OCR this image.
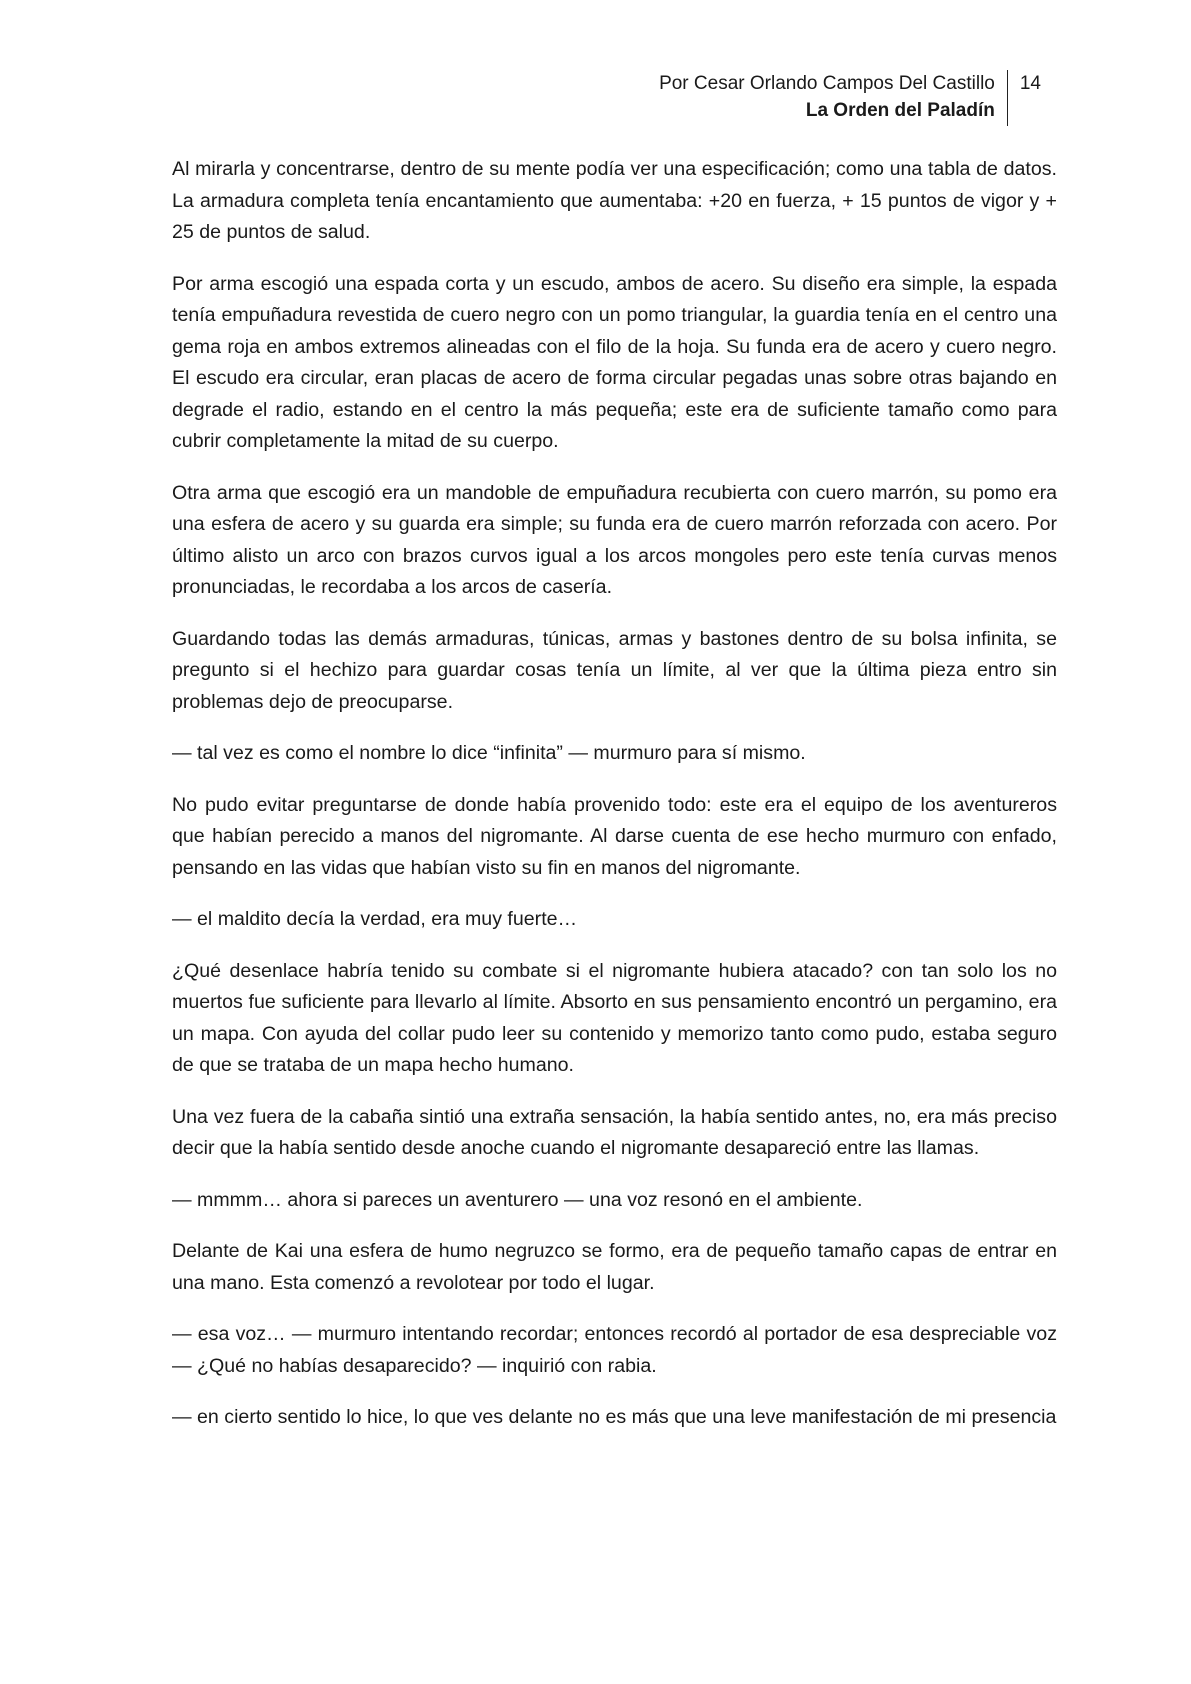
Por Cesar Orlando Campos Del Castillo
La Orden del Paladín
14

Al mirarla y concentrarse, dentro de su mente podía ver una especificación; como una tabla de datos. La armadura completa tenía encantamiento que aumentaba: +20 en fuerza, + 15 puntos de vigor y + 25 de puntos de salud.

Por arma escogió una espada corta y un escudo, ambos de acero. Su diseño era simple, la espada tenía empuñadura revestida de cuero negro con un pomo triangular, la guardia tenía en el centro una gema roja en ambos extremos alineadas con el filo de la hoja. Su funda era de acero y cuero negro. El escudo era circular, eran placas de acero de forma circular pegadas unas sobre otras bajando en degrade el radio, estando en el centro la más pequeña; este era de suficiente tamaño como para cubrir completamente la mitad de su cuerpo.

Otra arma que escogió era un mandoble de empuñadura recubierta con cuero marrón, su pomo era una esfera de acero y su guarda era simple; su funda era de cuero marrón reforzada con acero. Por último alisto un arco con brazos curvos igual a los arcos mongoles pero este tenía curvas menos pronunciadas, le recordaba a los arcos de casería.

Guardando todas las demás armaduras, túnicas, armas y bastones dentro de su bolsa infinita, se pregunto si el hechizo para guardar cosas tenía un límite, al ver que la última pieza entro sin problemas dejo de preocuparse.

— tal vez es como el nombre lo dice “infinita” — murmuro para sí mismo.

No pudo evitar preguntarse de donde había provenido todo: este era el equipo de los aventureros que habían perecido a manos del nigromante. Al darse cuenta de ese hecho murmuro con enfado, pensando en las vidas que habían visto su fin en manos del nigromante.

— el maldito decía la verdad, era muy fuerte…

¿Qué desenlace habría tenido su combate si el nigromante hubiera atacado? con tan solo los no muertos fue suficiente para llevarlo al límite. Absorto en sus pensamiento encontró un pergamino, era un mapa. Con ayuda del collar pudo leer su contenido y memorizo tanto como pudo, estaba seguro de que se trataba de un mapa hecho humano.

Una vez fuera de la cabaña sintió una extraña sensación, la había sentido antes, no, era más preciso decir que la había sentido desde anoche cuando el nigromante desapareció entre las llamas.

— mmmm… ahora si pareces un aventurero — una voz resonó en el ambiente.

Delante de Kai una esfera de humo negruzco se formo, era de pequeño tamaño capas de entrar en una mano. Esta comenzó a revolotear por todo el lugar.

— esa voz… — murmuro intentando recordar; entonces recordó al portador de esa despreciable voz — ¿Qué no habías desaparecido? — inquirió con rabia.

— en cierto sentido lo hice, lo que ves delante no es más que una leve manifestación de mi presencia
